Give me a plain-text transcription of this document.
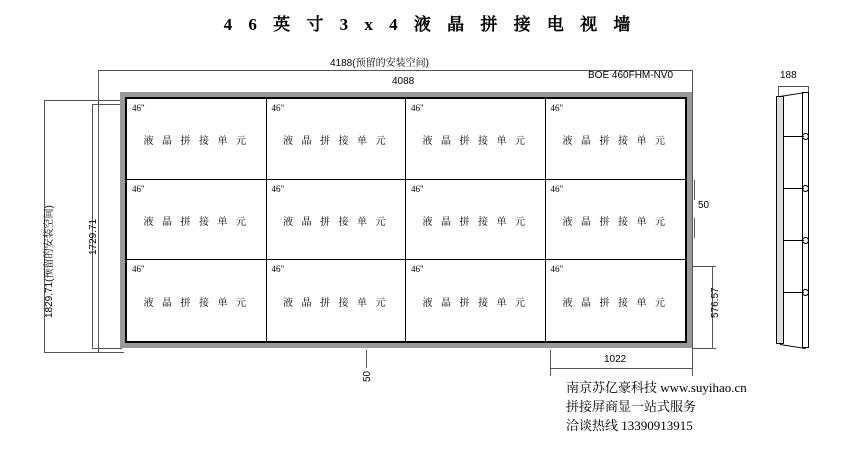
4 6 英 寸 3 x 4 液 晶 拼 接 电 视 墙
4188(预留的安装空间)
4088
BOE 460FHM-NV0
1829.71(预留的安装空间)	1729.71
46"
液 晶 拼 接 单 元
46"
液 晶 拼 接 单 元
46"
液 晶 拼 接 单 元
46"
液 晶 拼 接 单 元
46"
液 晶 拼 接 单 元
46"
液 晶 拼 接 单 元
46"
液 晶 拼 接 单 元
46"
液 晶 拼 接 单 元
46"
液 晶 拼 接 单 元
46"
液 晶 拼 接 单 元
46"
液 晶 拼 接 单 元
46"
液 晶 拼 接 单 元
50
576.57
50
1022
188
南京苏亿豪科技 www.suyihao.cn
拼接屏商显一站式服务
洽谈热线 13390913915
